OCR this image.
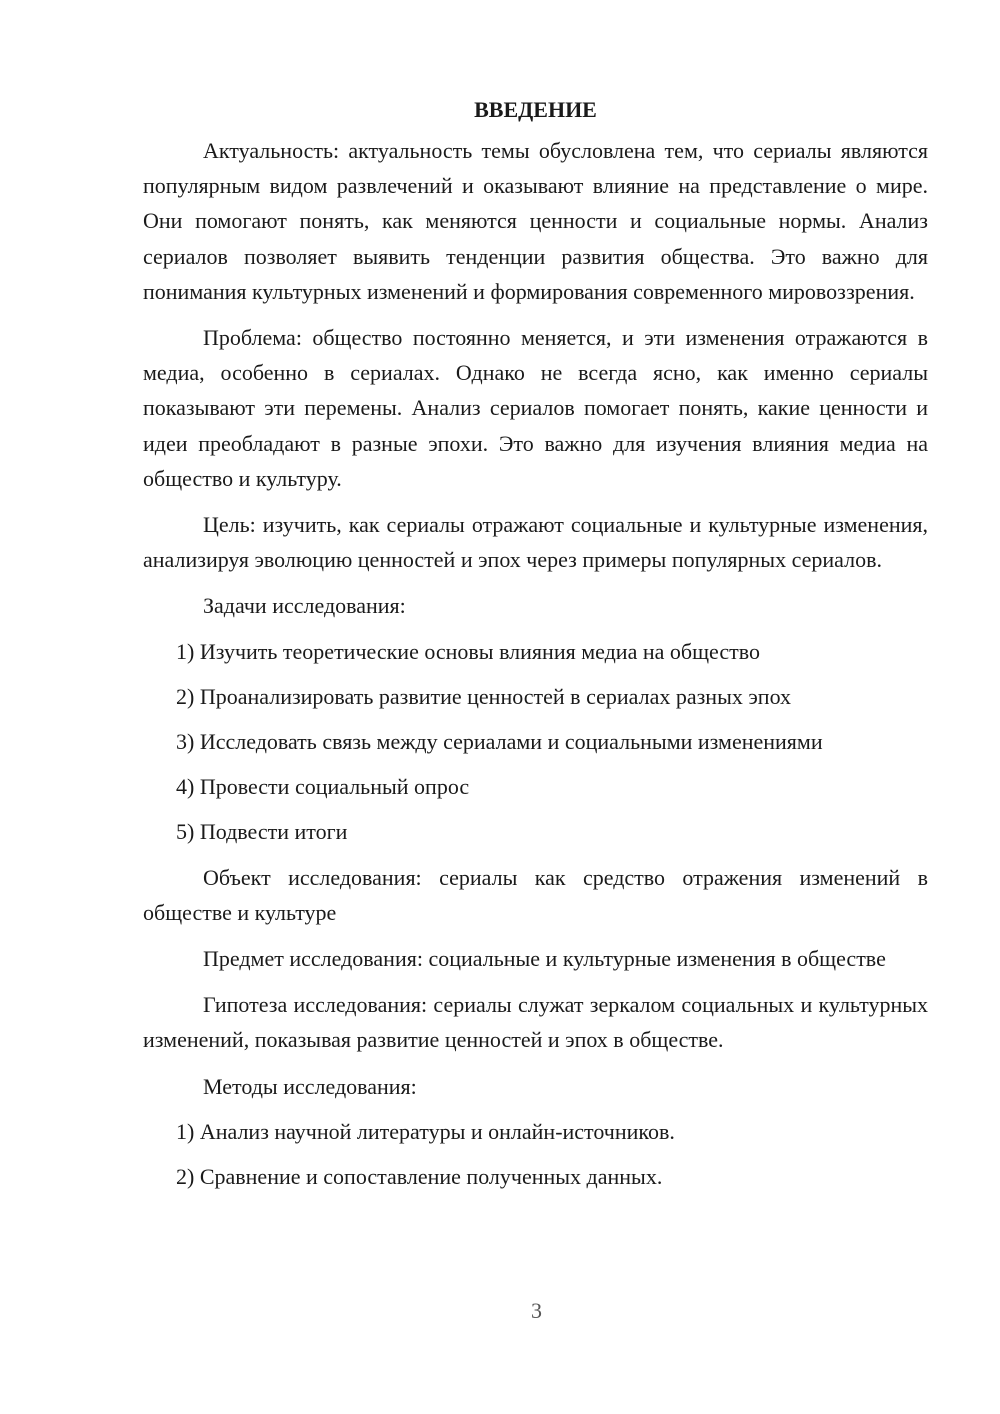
ВВЕДЕНИЕ

Актуальность: актуальность темы обусловлена тем, что сериалы являются популярным видом развлечений и оказывают влияние на представление о мире. Они помогают понять, как меняются ценности и социальные нормы. Анализ сериалов позволяет выявить тенденции развития общества. Это важно для понимания культурных изменений и формирования современного мировоззрения.

Проблема: общество постоянно меняется, и эти изменения отражаются в медиа, особенно в сериалах. Однако не всегда ясно, как именно сериалы показывают эти перемены. Анализ сериалов помогает понять, какие ценности и идеи преобладают в разные эпохи. Это важно для изучения влияния медиа на общество и культуру.

Цель: изучить, как сериалы отражают социальные и культурные изменения, анализируя эволюцию ценностей и эпох через примеры популярных сериалов.

Задачи исследования:

1) Изучить теоретические основы влияния медиа на общество

2) Проанализировать развитие ценностей в сериалах разных эпох

3) Исследовать связь между сериалами и социальными изменениями

4) Провести социальный опрос

5) Подвести итоги

Объект исследования: сериалы как средство отражения изменений в обществе и культуре

Предмет исследования: социальные и культурные изменения в обществе

Гипотеза исследования: сериалы служат зеркалом социальных и культурных изменений, показывая развитие ценностей и эпох в обществе.

Методы исследования:

1) Анализ научной литературы и онлайн-источников.

2) Сравнение и сопоставление полученных данных.

3
